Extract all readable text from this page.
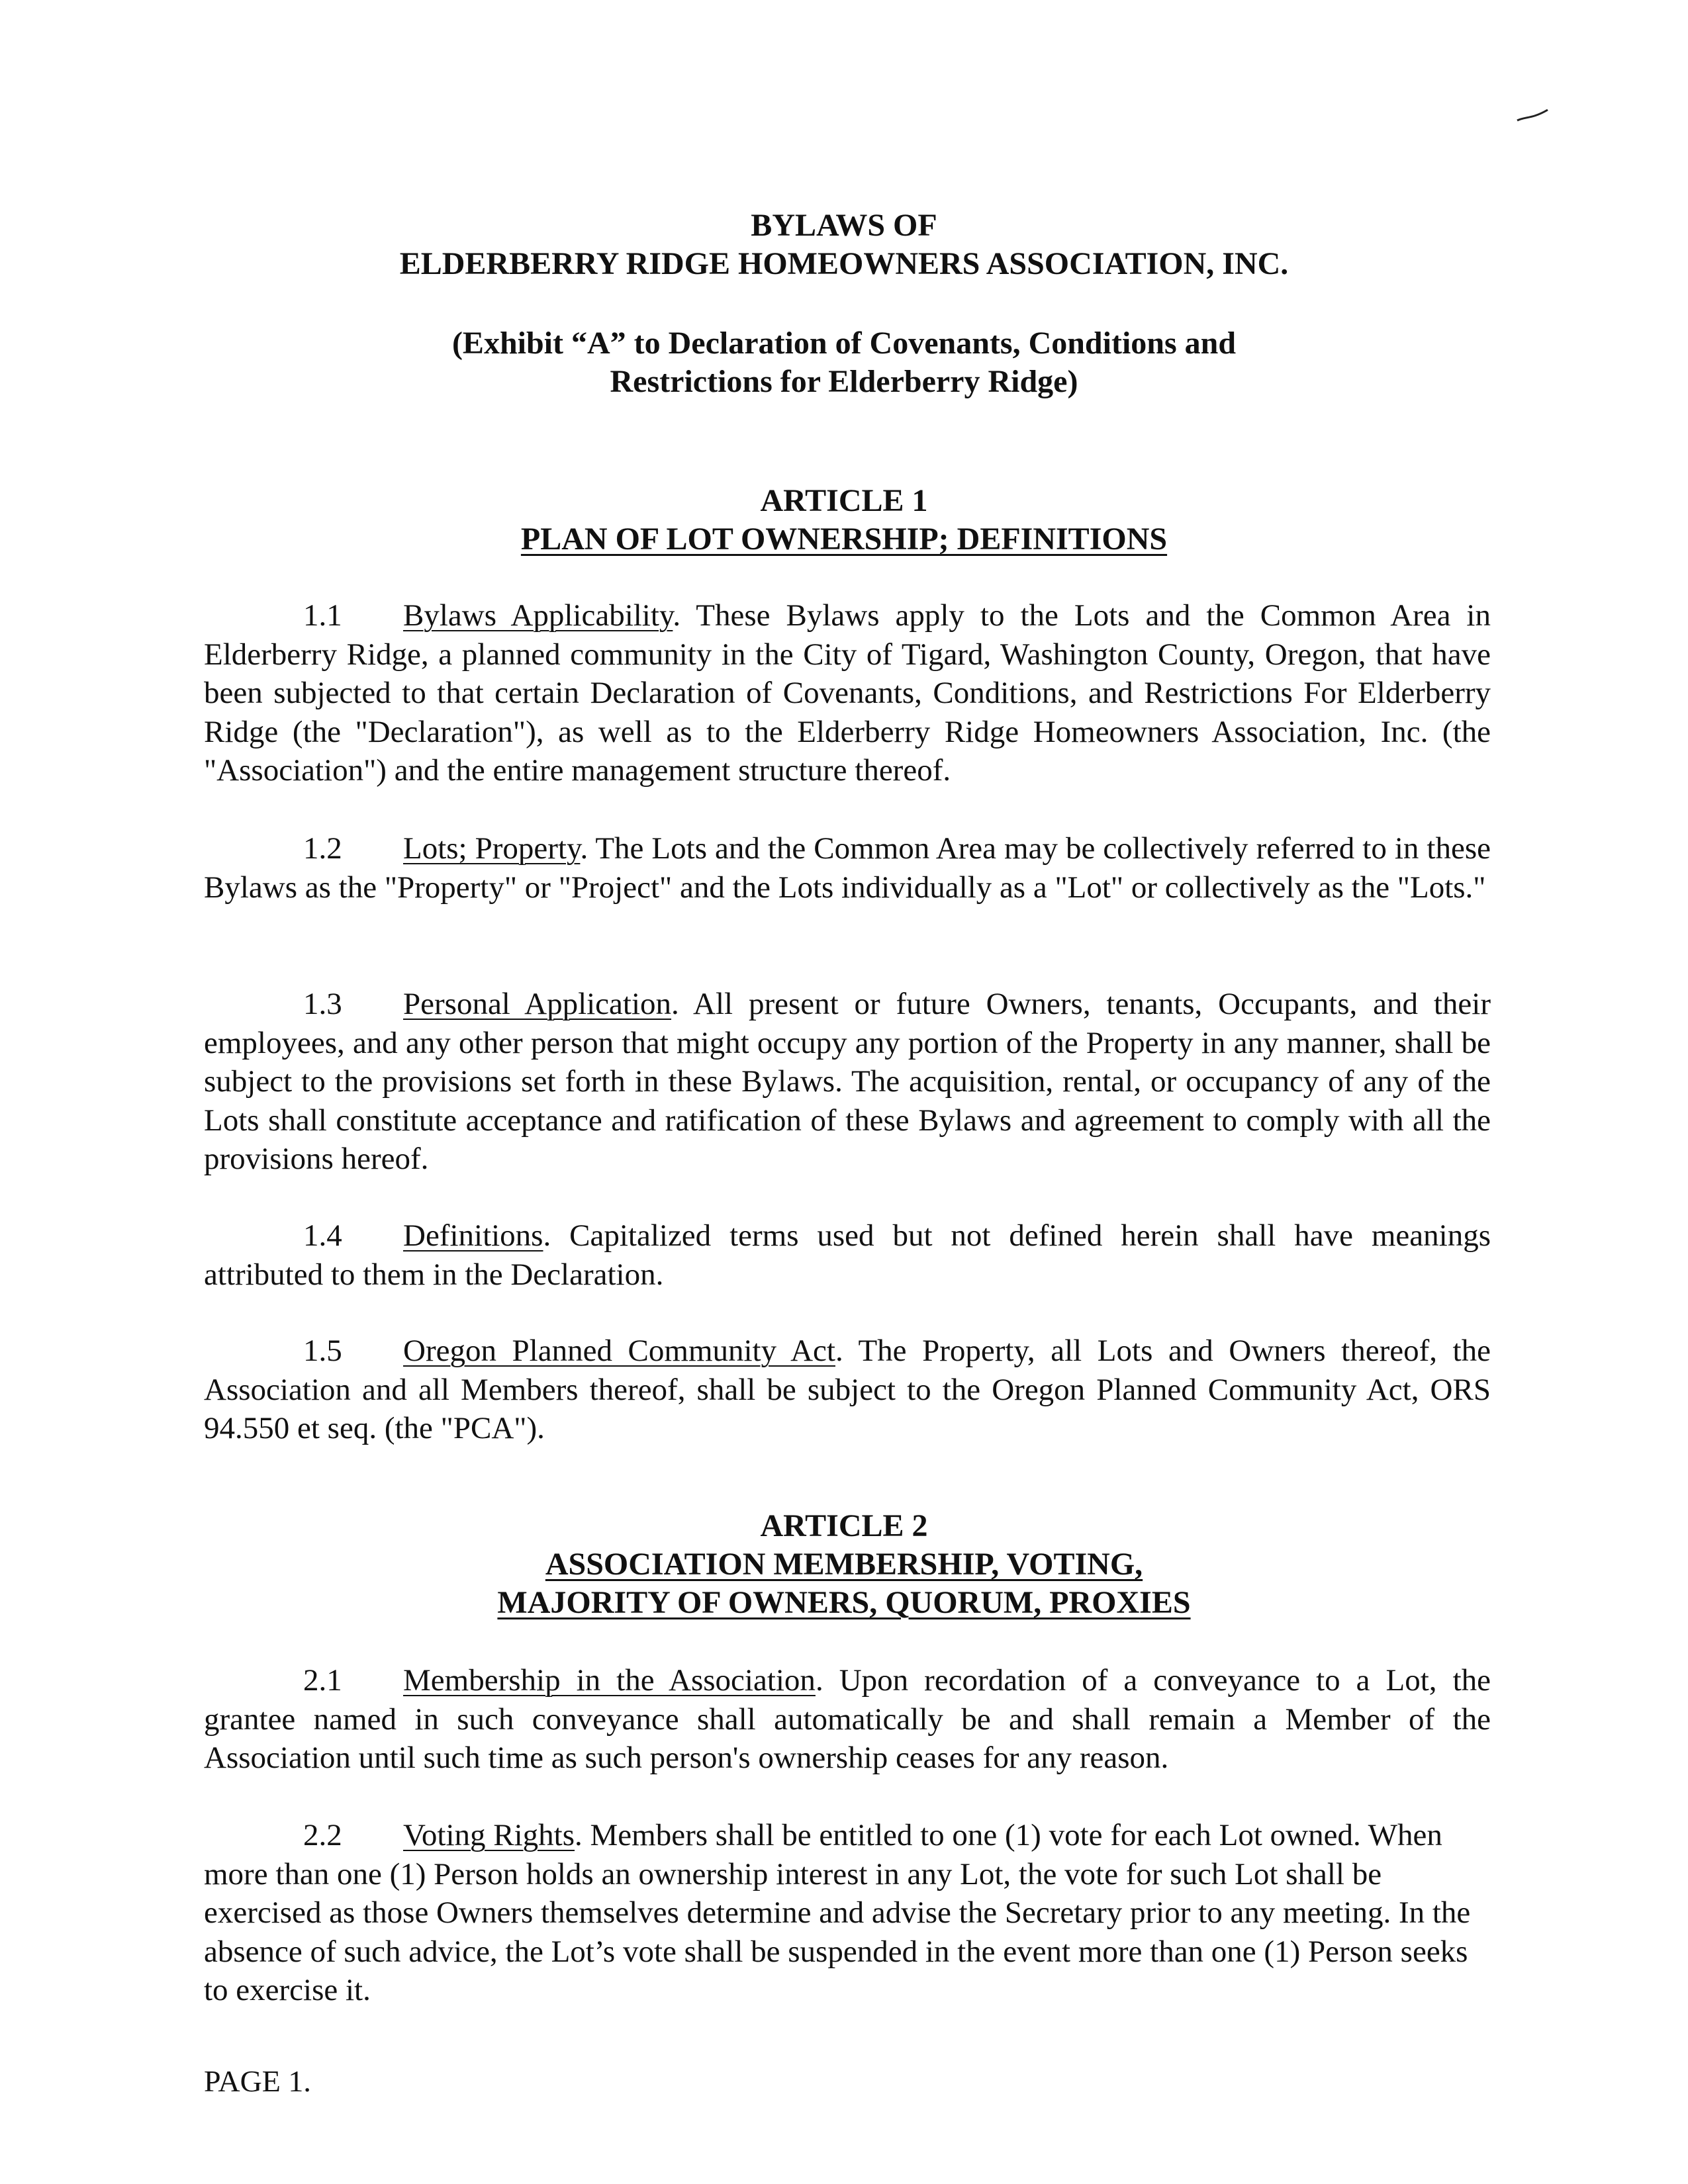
BYLAWS OF
ELDERBERRY RIDGE HOMEOWNERS ASSOCIATION, INC.
(Exhibit “A” to Declaration of Covenants, Conditions and
Restrictions for Elderberry Ridge)
ARTICLE 1
PLAN OF LOT OWNERSHIP; DEFINITIONS
1.1 Bylaws Applicability. These Bylaws apply to the Lots and the Common Area in Elderberry Ridge, a planned community in the City of Tigard, Washington County, Oregon, that have been subjected to that certain Declaration of Covenants, Conditions, and Restrictions For Elderberry Ridge (the "Declaration"), as well as to the Elderberry Ridge Homeowners Association, Inc. (the "Association") and the entire management structure thereof.
1.2 Lots; Property. The Lots and the Common Area may be collectively referred to in these Bylaws as the "Property" or "Project" and the Lots individually as a "Lot" or collectively as the "Lots."
1.3 Personal Application. All present or future Owners, tenants, Occupants, and their employees, and any other person that might occupy any portion of the Property in any manner, shall be subject to the provisions set forth in these Bylaws. The acquisition, rental, or occupancy of any of the Lots shall constitute acceptance and ratification of these Bylaws and agreement to comply with all the provisions hereof.
1.4 Definitions. Capitalized terms used but not defined herein shall have meanings attributed to them in the Declaration.
1.5 Oregon Planned Community Act. The Property, all Lots and Owners thereof, the Association and all Members thereof, shall be subject to the Oregon Planned Community Act, ORS 94.550 et seq. (the "PCA").
ARTICLE 2
ASSOCIATION MEMBERSHIP, VOTING,
MAJORITY OF OWNERS, QUORUM, PROXIES
2.1 Membership in the Association. Upon recordation of a conveyance to a Lot, the grantee named in such conveyance shall automatically be and shall remain a Member of the Association until such time as such person's ownership ceases for any reason.
2.2 Voting Rights. Members shall be entitled to one (1) vote for each Lot owned. When more than one (1) Person holds an ownership interest in any Lot, the vote for such Lot shall be exercised as those Owners themselves determine and advise the Secretary prior to any meeting. In the absence of such advice, the Lot’s vote shall be suspended in the event more than one (1) Person seeks to exercise it.
PAGE 1.
